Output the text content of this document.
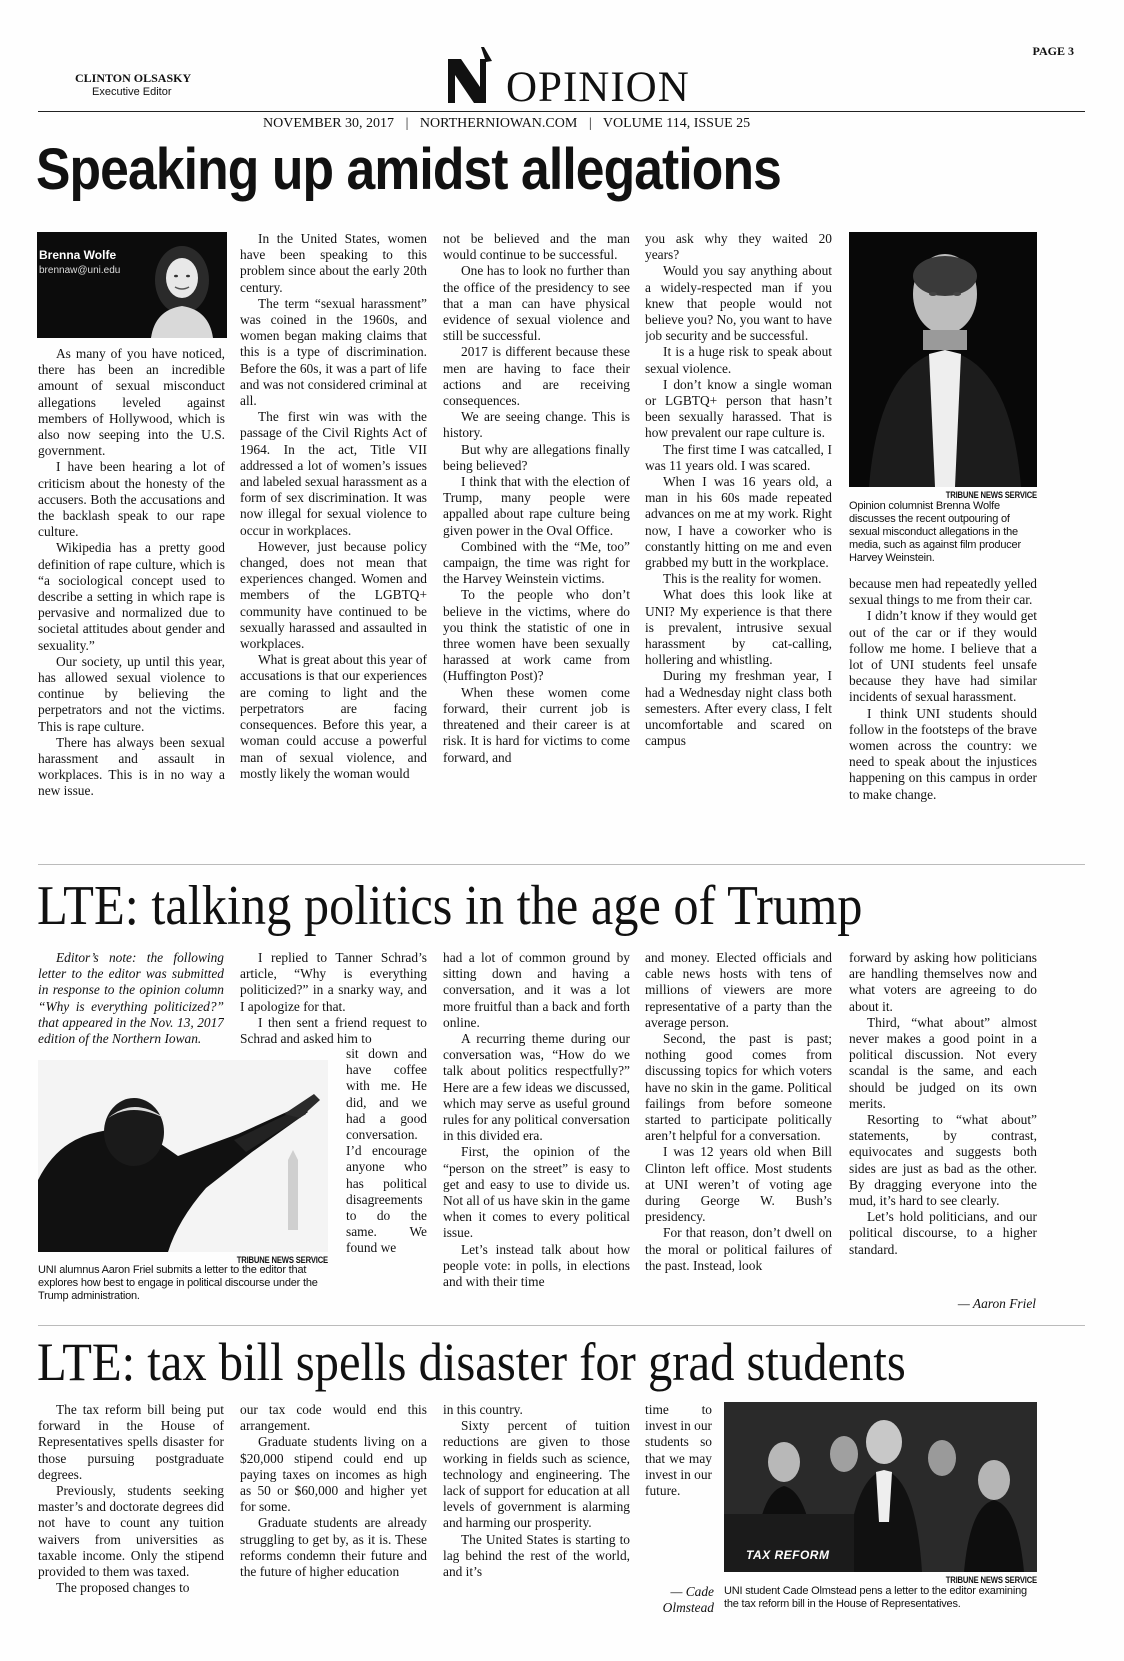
PAGE 3
CLINTON OLSASKY
Executive Editor	OPINION
NOVEMBER 30, 2017 | NORTHERNIOWAN.COM | VOLUME 114, ISSUE 25
Speaking up amidst allegations
Brenna Wolfe
brennaw@uni.edu

As many of you have noticed, there has been an incredible amount of sexual misconduct allegations leveled against members of Hollywood, which is also now seeping into the U.S. government.

I have been hearing a lot of criticism about the honesty of the accusers. Both the accusations and the backlash speak to our rape culture.

Wikipedia has a pretty good definition of rape culture, which is “a sociological concept used to describe a setting in which rape is pervasive and normalized due to societal attitudes about gender and sexuality.”

Our society, up until this year, has allowed sexual violence to continue by believing the perpetrators and not the victims. This is rape culture.

There has always been sexual harassment and assault in workplaces. This is in no way a new issue.

In the United States, women have been speaking to this problem since about the early 20th century.

The term “sexual harassment” was coined in the 1960s, and women began making claims that this is a type of discrimination. Before the 60s, it was a part of life and was not considered criminal at all.

The first win was with the passage of the Civil Rights Act of 1964. In the act, Title VII addressed a lot of women’s issues and labeled sexual harassment as a form of sex discrimination. It was now illegal for sexual violence to occur in workplaces.

However, just because policy changed, does not mean that experiences changed. Women and members of the LGBTQ+ community have continued to be sexually harassed and assaulted in workplaces.

What is great about this year of accusations is that our experiences are coming to light and the perpetrators are facing consequences. Before this year, a woman could accuse a powerful man of sexual violence, and mostly likely the woman would

not be believed and the man would continue to be successful.

One has to look no further than the office of the presidency to see that a man can have physical evidence of sexual violence and still be successful.

2017 is different because these men are having to face their actions and are receiving consequences.

We are seeing change. This is history.

But why are allegations finally being believed?

I think that with the election of Trump, many people were appalled about rape culture being given power in the Oval Office.

Combined with the “Me, too” campaign, the time was right for the Harvey Weinstein victims.

To the people who don’t believe in the victims, where do you think the statistic of one in three women have been sexually harassed at work came from (Huffington Post)?

When these women come forward, their current job is threatened and their career is at risk. It is hard for victims to come forward, and

you ask why they waited 20 years?

Would you say anything about a widely-respected man if you knew that people would not believe you? No, you want to have job security and be successful.

It is a huge risk to speak about sexual violence.

I don’t know a single woman or LGBTQ+ person that hasn’t been sexually harassed. That is how prevalent our rape culture is.

The first time I was catcalled, I was 11 years old. I was scared.

When I was 16 years old, a man in his 60s made repeated advances on me at my work. Right now, I have a coworker who is constantly hitting on me and even grabbed my butt in the workplace.

This is the reality for women.

What does this look like at UNI? My experience is that there is prevalent, intrusive sexual harassment by cat-calling, hollering and whistling.

During my freshman year, I had a Wednesday night class both semesters. After every class, I felt uncomfortable and scared on campus

TRIBUNE NEWS SERVICE
Opinion columnist Brenna Wolfe discusses the recent outpouring of sexual misconduct allegations in the media, such as against film producer Harvey Weinstein.

because men had repeatedly yelled sexual things to me from their car.

I didn’t know if they would get out of the car or if they would follow me home. I believe that a lot of UNI students feel unsafe because they have had similar incidents of sexual harassment.

I think UNI students should follow in the footsteps of the brave women across the country: we need to speak about the injustices happening on this campus in order to make change.

LTE: talking politics in the age of Trump

Editor’s note: the following letter to the editor was submitted in response to the opinion column “Why is everything politicized?” that appeared in the Nov. 13, 2017 edition of the Northern Iowan.

I replied to Tanner Schrad’s article, “Why is everything politicized?” in a snarky way, and I apologize for that.

I then sent a friend request to Schrad and asked him to

sit down and have coffee with me. He did, and we had a good conversation. I’d encourage anyone who has political disagreements to do the same. We found we

TRIBUNE NEWS SERVICE
UNI alumnus Aaron Friel submits a letter to the editor that explores how best to engage in political discourse under the Trump administration.

had a lot of common ground by sitting down and having a conversation, and it was a lot more fruitful than a back and forth online.

A recurring theme during our conversation was, “How do we talk about politics respectfully?” Here are a few ideas we discussed, which may serve as useful ground rules for any political conversation in this divided era.

First, the opinion of the “person on the street” is easy to get and easy to use to divide us. Not all of us have skin in the game when it comes to every political issue.

Let’s instead talk about how people vote: in polls, in elections and with their time

and money. Elected officials and cable news hosts with tens of millions of viewers are more representative of a party than the average person.

Second, the past is past; nothing good comes from discussing topics for which voters have no skin in the game. Political failings from before someone started to participate politically aren’t helpful for a conversation.

I was 12 years old when Bill Clinton left office. Most students at UNI weren’t of voting age during George W. Bush’s presidency.

For that reason, don’t dwell on the moral or political failures of the past. Instead, look

forward by asking how politicians are handling themselves now and what voters are agreeing to do about it.

Third, “what about” almost never makes a good point in a political discussion. Not every scandal is the same, and each should be judged on its own merits.

Resorting to “what about” statements, by contrast, equivocates and suggests both sides are just as bad as the other. By dragging everyone into the mud, it’s hard to see clearly.

Let’s hold politicians, and our political discourse, to a higher standard.

— Aaron Friel
LTE: tax bill spells disaster for grad students

The tax reform bill being put forward in the House of Representatives spells disaster for those pursuing postgraduate degrees.

Previously, students seeking master’s and doctorate degrees did not have to count any tuition waivers from universities as taxable income. Only the stipend provided to them was taxed.

The proposed changes to

our tax code would end this arrangement.

Graduate students living on a $20,000 stipend could end up paying taxes on incomes as high as 50 or $60,000 and higher yet for some.

Graduate students are already struggling to get by, as it is. These reforms condemn their future and the future of higher education

in this country.

Sixty percent of tuition reductions are given to those working in fields such as science, technology and engineering. The lack of support for education at all levels of government is alarming and harming our prosperity.

The United States is starting to lag behind the rest of the world, and it’s

time to invest in our students so that we may invest in our future.

— Cade
Olmstead
TAX REFORM
TRIBUNE NEWS SERVICE
UNI student Cade Olmstead pens a letter to the editor examining the tax reform bill in the House of Representatives.
